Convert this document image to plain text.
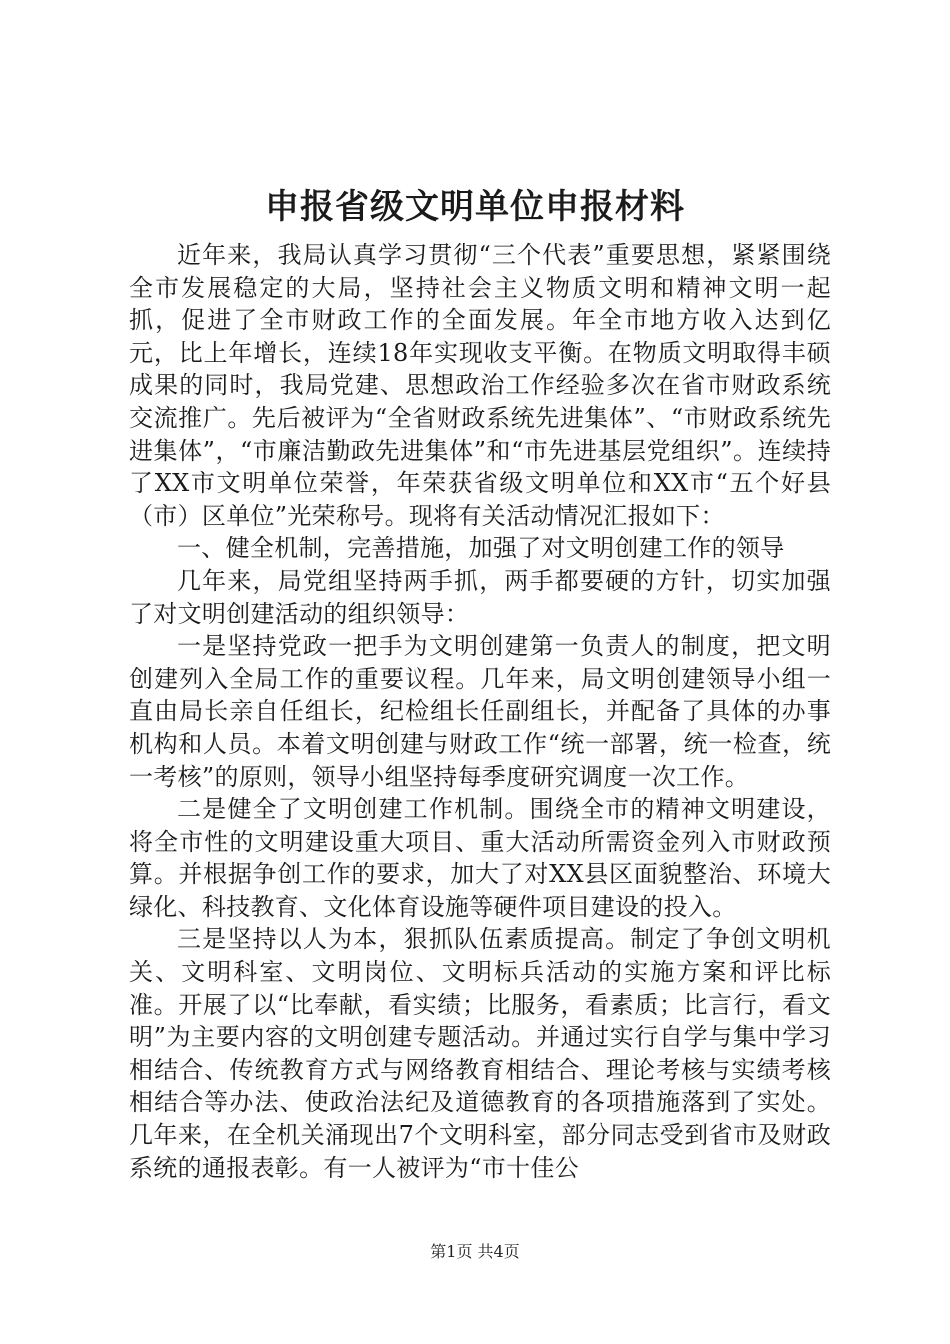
申报省级文明单位申报材料

近年来，我局认真学习贯彻“三个代表”重要思想，紧紧围绕全市发展稳定的大局，坚持社会主义物质文明和精神文明一起抓，促进了全市财政工作的全面发展。年全市地方收入达到亿元，比上年增长，连续18年实现收支平衡。在物质文明取得丰硕成果的同时，我局党建、思想政治工作经验多次在省市财政系统交流推广。先后被评为“全省财政系统先进集体”、“市财政系统先进集体”，“市廉洁勤政先进集体”和“市先进基层党组织”。连续持了XX市文明单位荣誉，年荣获省级文明单位和XX市“五个好县（市）区单位”光荣称号。现将有关活动情况汇报如下：

一、健全机制，完善措施，加强了对文明创建工作的领导

几年来，局党组坚持两手抓，两手都要硬的方针，切实加强了对文明创建活动的组织领导：

一是坚持党政一把手为文明创建第一负责人的制度，把文明创建列入全局工作的重要议程。几年来，局文明创建领导小组一直由局长亲自任组长，纪检组长任副组长，并配备了具体的办事机构和人员。本着文明创建与财政工作“统一部署，统一检查，统一考核”的原则，领导小组坚持每季度研究调度一次工作。

二是健全了文明创建工作机制。围绕全市的精神文明建设，将全市性的文明建设重大项目、重大活动所需资金列入市财政预算。并根据争创工作的要求，加大了对XX县区面貌整治、环境大绿化、科技教育、文化体育设施等硬件项目建设的投入。

三是坚持以人为本，狠抓队伍素质提高。制定了争创文明机关、文明科室、文明岗位、文明标兵活动的实施方案和评比标准。开展了以“比奉献，看实绩；比服务，看素质；比言行，看文明”为主要内容的文明创建专题活动。并通过实行自学与集中学习相结合、传统教育方式与网络教育相结合、理论考核与实绩考核相结合等办法、使政治法纪及道德教育的各项措施落到了实处。几年来，在全机关涌现出7个文明科室，部分同志受到省市及财政系统的通报表彰。有一人被评为“市十佳公

第1页 共4页
